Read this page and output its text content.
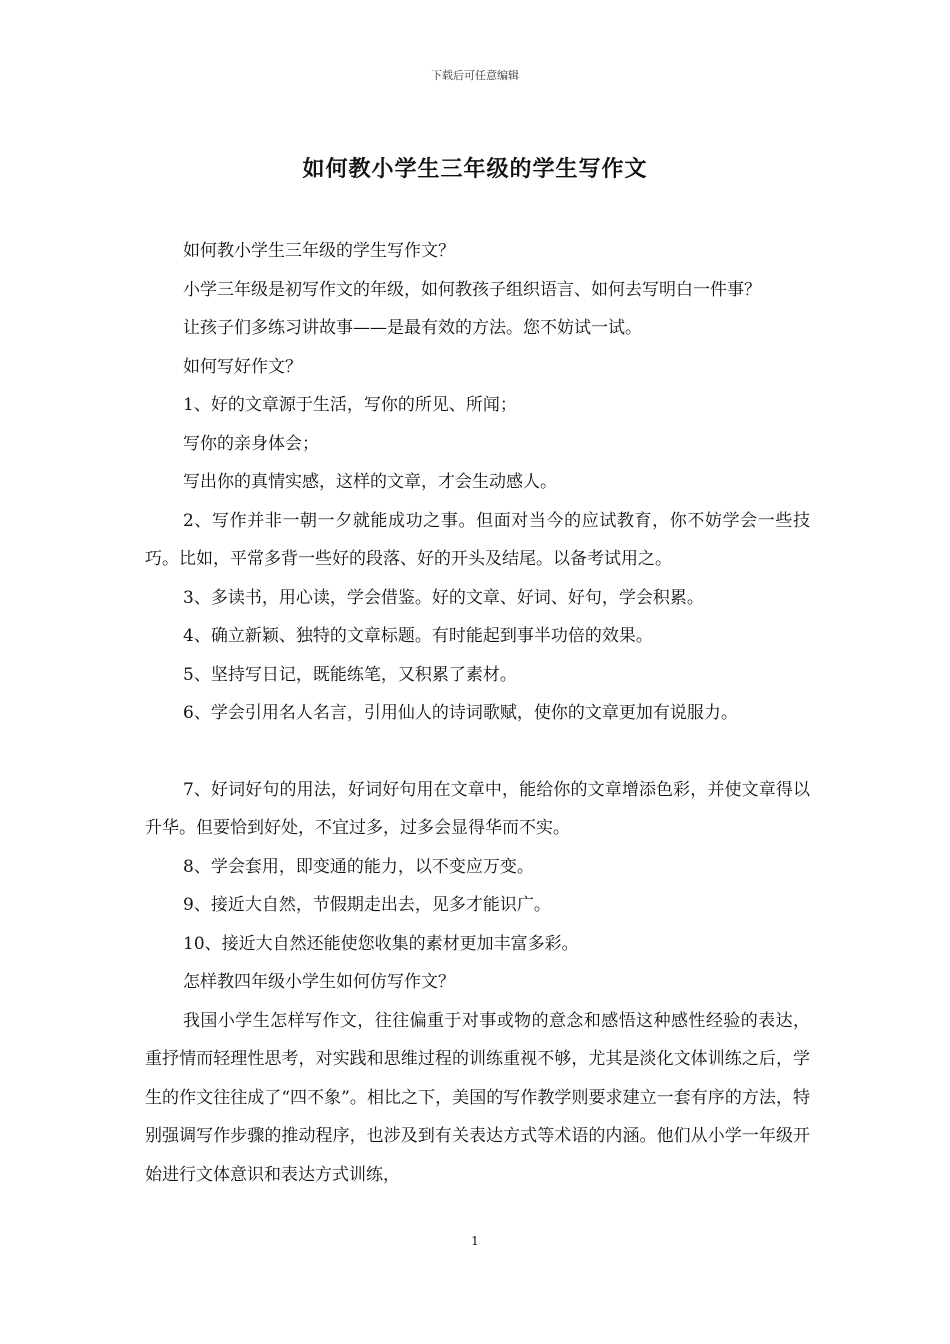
下载后可任意编辑
如何教小学生三年级的学生写作文

如何教小学生三年级的学生写作文？

小学三年级是初写作文的年级，如何教孩子组织语言、如何去写明白一件事？

让孩子们多练习讲故事——是最有效的方法。您不妨试一试。

如何写好作文？

1、好的文章源于生活，写你的所见、所闻；

写你的亲身体会；

写出你的真情实感，这样的文章，才会生动感人。

2、写作并非一朝一夕就能成功之事。但面对当今的应试教育，你不妨学会一些技巧。比如，平常多背一些好的段落、好的开头及结尾。以备考试用之。

3、多读书，用心读，学会借鉴。好的文章、好词、好句，学会积累。

4、确立新颖、独特的文章标题。有时能起到事半功倍的效果。

5、坚持写日记，既能练笔，又积累了素材。

6、学会引用名人名言，引用仙人的诗词歌赋，使你的文章更加有说服力。

7、好词好句的用法，好词好句用在文章中，能给你的文章增添色彩，并使文章得以升华。但要恰到好处，不宜过多，过多会显得华而不实。

8、学会套用，即变通的能力，以不变应万变。

9、接近大自然，节假期走出去，见多才能识广。

10、接近大自然还能使您收集的素材更加丰富多彩。

怎样教四年级小学生如何仿写作文？

我国小学生怎样写作文，往往偏重于对事或物的意念和感悟这种感性经验的表达，重抒情而轻理性思考，对实践和思维过程的训练重视不够，尤其是淡化文体训练之后，学生的作文往往成了“四不象”。相比之下，美国的写作教学则要求建立一套有序的方法，特别强调写作步骤的推动程序，也涉及到有关表达方式等术语的内涵。他们从小学一年级开始进行文体意识和表达方式训练，

1
